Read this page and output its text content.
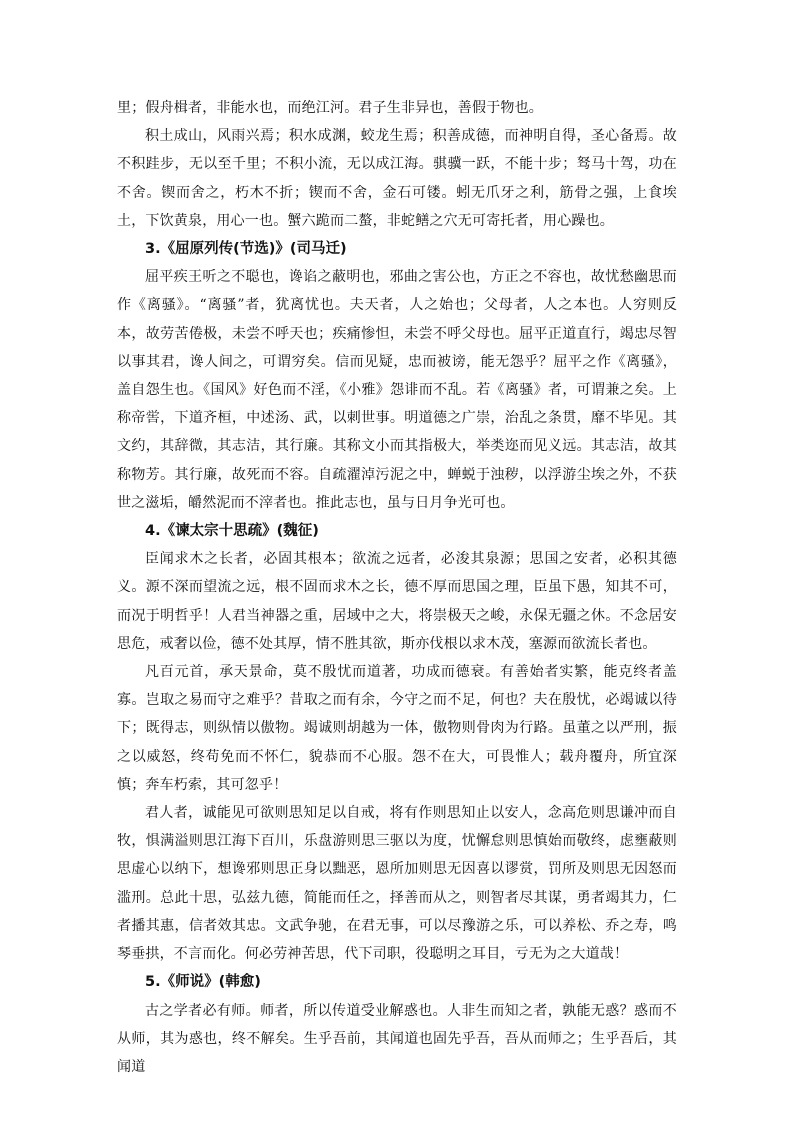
里；假舟楫者，非能水也，而绝江河。君子生非异也，善假于物也。

积土成山，风雨兴焉；积水成渊，蛟龙生焉；积善成德，而神明自得，圣心备焉。故不积跬步，无以至千里；不积小流，无以成江海。骐骥一跃，不能十步；驽马十驾，功在不舍。锲而舍之，朽木不折；锲而不舍，金石可镂。蚓无爪牙之利，筋骨之强，上食埃土，下饮黄泉，用心一也。蟹六跪而二螯，非蛇鳝之穴无可寄托者，用心躁也。

3.《屈原列传(节选)》(司马迁)

屈平疾王听之不聪也，谗谄之蔽明也，邪曲之害公也，方正之不容也，故忧愁幽思而作《离骚》。“离骚”者，犹离忧也。夫天者，人之始也；父母者，人之本也。人穷则反本，故劳苦倦极，未尝不呼天也；疾痛惨怛，未尝不呼父母也。屈平正道直行，竭忠尽智以事其君，谗人间之，可谓穷矣。信而见疑，忠而被谤，能无怨乎？屈平之作《离骚》，盖自怨生也。《国风》好色而不淫，《小雅》怨诽而不乱。若《离骚》者，可谓兼之矣。上称帝喾，下道齐桓，中述汤、武，以刺世事。明道德之广崇，治乱之条贯，靡不毕见。其文约，其辞微，其志洁，其行廉。其称文小而其指极大，举类迩而见义远。其志洁，故其称物芳。其行廉，故死而不容。自疏濯淖污泥之中，蝉蜕于浊秽，以浮游尘埃之外，不获世之滋垢，皭然泥而不滓者也。推此志也，虽与日月争光可也。

4.《谏太宗十思疏》(魏征)

臣闻求木之长者，必固其根本；欲流之远者，必浚其泉源；思国之安者，必积其德义。源不深而望流之远，根不固而求木之长，德不厚而思国之理，臣虽下愚，知其不可，而况于明哲乎！人君当神器之重，居域中之大，将崇极天之峻，永保无疆之休。不念居安思危，戒奢以俭，德不处其厚，情不胜其欲，斯亦伐根以求木茂，塞源而欲流长者也。

凡百元首，承天景命，莫不殷忧而道著，功成而德衰。有善始者实繁，能克终者盖寡。岂取之易而守之难乎？昔取之而有余，今守之而不足，何也？夫在殷忧，必竭诚以待下；既得志，则纵情以傲物。竭诚则胡越为一体，傲物则骨肉为行路。虽董之以严刑，振之以威怒，终苟免而不怀仁，貌恭而不心服。怨不在大，可畏惟人；载舟覆舟，所宜深慎；奔车朽索，其可忽乎！

君人者，诚能见可欲则思知足以自戒，将有作则思知止以安人，念高危则思谦冲而自牧，惧满溢则思江海下百川，乐盘游则思三驱以为度，忧懈怠则思慎始而敬终，虑壅蔽则思虚心以纳下，想谗邪则思正身以黜恶，恩所加则思无因喜以谬赏，罚所及则思无因怒而滥刑。总此十思，弘兹九德，简能而任之，择善而从之，则智者尽其谋，勇者竭其力，仁者播其惠，信者效其忠。文武争驰，在君无事，可以尽豫游之乐，可以养松、乔之寿，鸣琴垂拱，不言而化。何必劳神苦思，代下司职，役聪明之耳目，亏无为之大道哉！

5.《师说》(韩愈)

古之学者必有师。师者，所以传道受业解惑也。人非生而知之者，孰能无惑？惑而不从师，其为惑也，终不解矣。生乎吾前，其闻道也固先乎吾，吾从而师之；生乎吾后，其闻道
